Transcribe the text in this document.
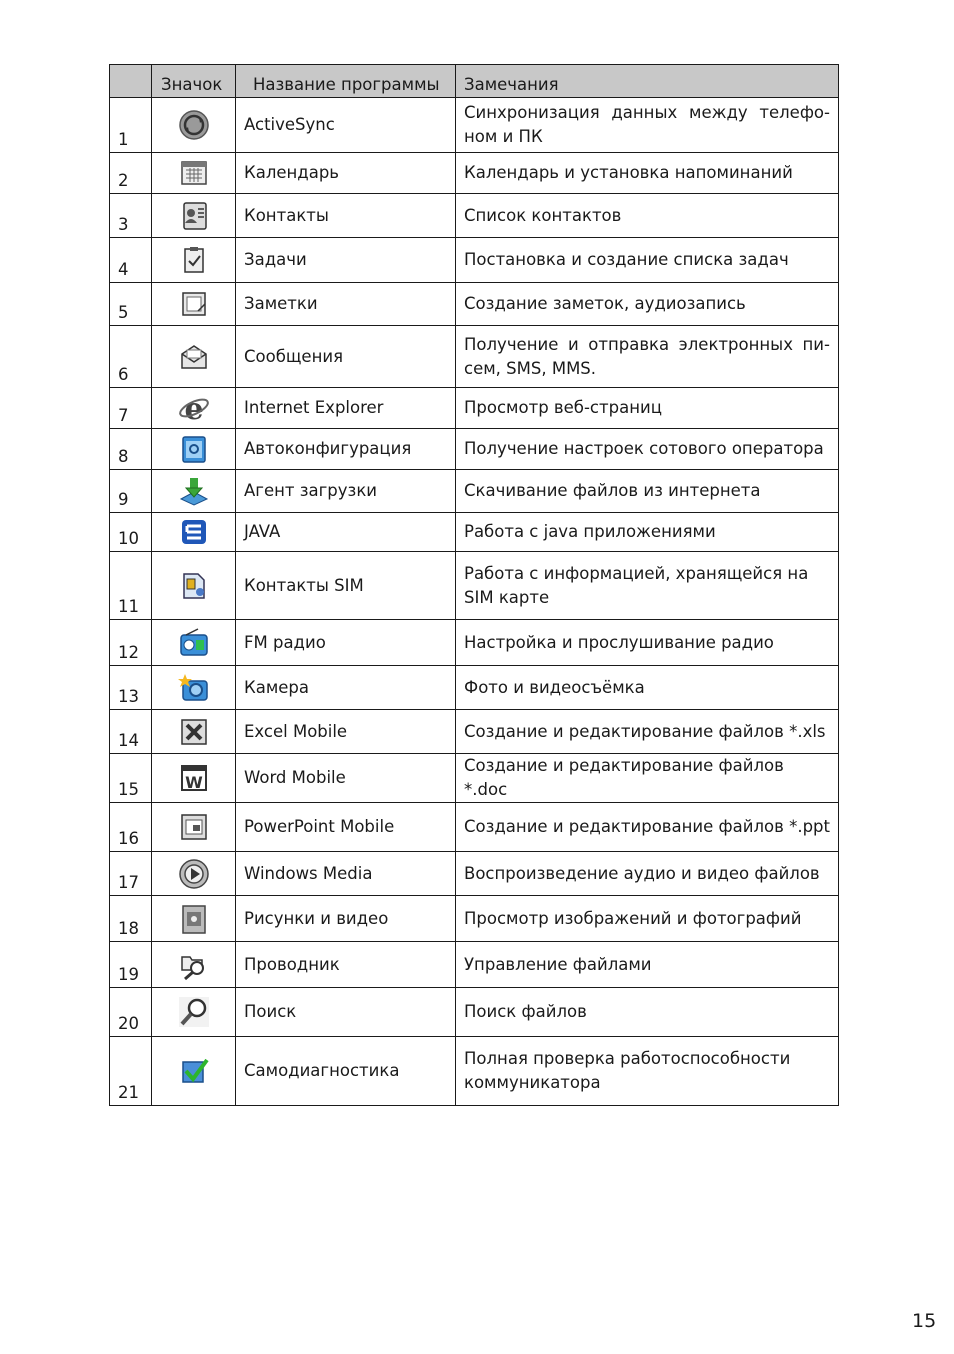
	Значок	Название программы	Замечания
1		ActiveSync	Синхронизация данных между телефо-ном и ПК
2		Календарь	Календарь и установка напоминаний
3		Контакты	Список контактов
4		Задачи	Постановка и создание списка задач
5		Заметки	Создание заметок, аудиозапись
6		Сообщения	Получение и отправка электронных пи-сем, SMS, MMS.
7	e	Internet Explorer	Просмотр веб-страниц
8		Автоконфигурация	Получение настроек сотового оператора
9		Агент загрузки	Скачивание файлов из интернета
10		JAVA	Работа с java приложениями
11		Контакты SIM	Работа с информацией, хранящейся на SIM карте
12		FM радио	Настройка и прослушивание радио
13		Камера	Фото и видеосъёмка
14		Excel Mobile	Создание и редактирование файлов *.xls
15	W	Word Mobile	Создание и редактирование файлов *.doc
16		PowerPoint Mobile	Создание и редактирование файлов *.ppt
17		Windows Media	Воспроизведение аудио и видео файлов
18		Рисунки и видео	Просмотр изображений и фотографий
19		Проводник	Управление файлами
20		Поиск	Поиск файлов
21		Самодиагностика	Полная проверка работоспособности коммуникатора
15
